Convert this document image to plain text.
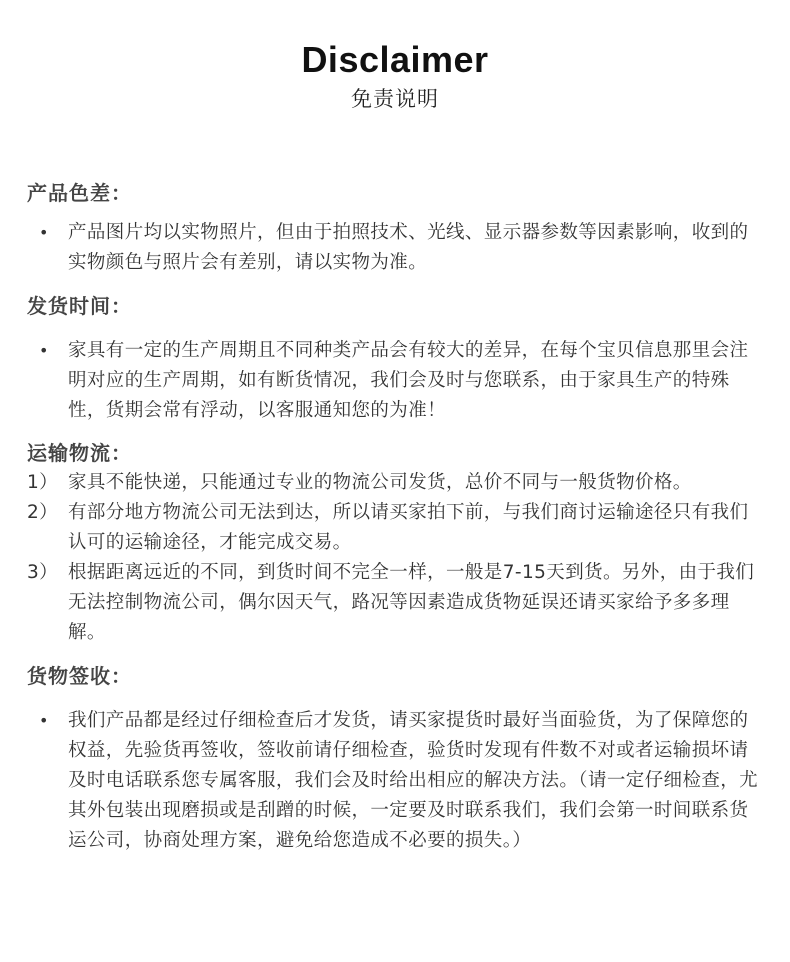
Disclaimer
免责说明
产品色差：
•	产品图片均以实物照片，但由于拍照技术、光线、显示器参数等因素影响，收到的实物颜色与照片会有差别，请以实物为准。
发货时间：
•	家具有一定的生产周期且不同种类产品会有较大的差异，在每个宝贝信息那里会注明对应的生产周期，如有断货情况，我们会及时与您联系，由于家具生产的特殊性，货期会常有浮动，以客服通知您的为准！
运输物流：
1） 家具不能快递，只能通过专业的物流公司发货，总价不同与一般货物价格。
2） 有部分地方物流公司无法到达，所以请买家拍下前，与我们商讨运输途径只有我们认可的运输途径，才能完成交易。
3） 根据距离远近的不同，到货时间不完全一样，一般是7-15天到货。另外，由于我们无法控制物流公司，偶尔因天气，路况等因素造成货物延误还请买家给予多多理解。
货物签收：
•	我们产品都是经过仔细检查后才发货，请买家提货时最好当面验货，为了保障您的权益，先验货再签收，签收前请仔细检查，验货时发现有件数不对或者运输损坏请及时电话联系您专属客服，我们会及时给出相应的解决方法。（请一定仔细检查，尤其外包装出现磨损或是刮蹭的时候，一定要及时联系我们，我们会第一时间联系货运公司，协商处理方案，避免给您造成不必要的损失。）
